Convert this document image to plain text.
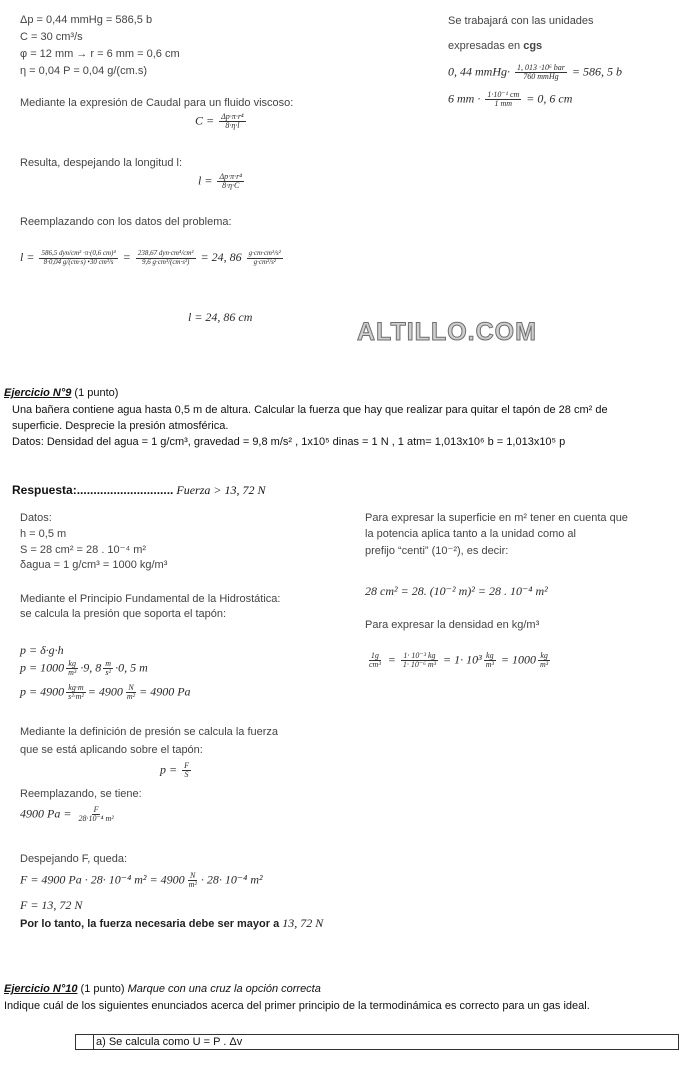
Δp = 0,44 mmHg = 586,5 b
C = 30 cm³/s
φ = 12 mm → r = 6 mm = 0,6 cm
η = 0,04 P = 0,04 g/(cm.s)
Se trabajará con las unidades
expresadas en cgs
0, 44 mmHg· $\frac{\text{1, 013 ·10⁶ bar}}{\text{760 mmHg}} = 586$, 5 b
6 mm · $\frac{\text{1·10⁻¹ cm}}{1 mm} = 0$, 6 cm
Mediante la expresión de Caudal para un fluido viscoso:
$C = \frac{\text{Δp·π·r⁴}}{8\cdot\eta\cdot l}$
Resulta, despejando la longitud l:
$l = \frac{\text{Δp·π·r⁴}}{8\cdot\eta\cdot C}$
Reemplazando con los datos del problema:
$l = \frac{\text{586,5 dyn/cm² ·π·(0,6 cm)⁴}}{\text{8·0,04 g/(cm·s) •30 cm³/s}} = \frac{\text{238,67 dyn·cm⁴/cm²}}{\text{9,6 g·cm³/(cm·s²)}} = 24$, $86 \frac{\text{g·cm·cm²/s²}}{\text{g·cm²/s²}}$
l = 24, 86 cm
ALTILLO.COM
Ejercicio N°9 (1 punto)
Una bañera contiene agua hasta 0,5 m de altura. Calcular la fuerza que hay que realizar para quitar el tapón de 28 cm² de
superficie. Desprecie la presión atmosférica.
Datos: Densidad del agua = 1 g/cm³, gravedad = 9,8 m/s² , 1x10⁵ dinas = 1 N , 1 atm= 1,013x10⁶ b = 1,013x10⁵ p
Respuesta:............................. Fuerza > 13, 72 N
Datos:
h = 0,5 m
S = 28 cm² = 28 . 10⁻⁴ m²
δagua = 1 g/cm³ = 1000 kg/m³
Mediante el Principio Fundamental de la Hidrostática:
se calcula la presión que soporta el tapón:
p = δ·g·h
$p = 1000 \frac{kg}{\text{m³}} \cdot 9$, $8 \frac{m}{\text{s²}} \cdot 0$, 5 m
$p = 4900 \frac{kg\cdot m}{\text{s²·m²}} = 4900 \frac{N}{\text{m²}} = 4900$ Pa
Mediante la definición de presión se calcula la fuerza
que se está aplicando sobre el tapón:
$p = \frac{F}{S}$
Reemplazando, se tiene:
4900 $Pa = \frac{F}{\text{28·10⁻⁴ m²}}$
Despejando F, queda:
F = 4900 Pa · 28· 10⁻⁴ $m^2 = 4900 \frac{N}{\text{m²}} \cdot 28\cdot 10^{-4}$ m²
F = 13, 72 N
Por lo tanto, la fuerza necesaria debe ser mayor a 13, 72 N
Para expresar la superficie en m² tener en cuenta que
la potencia aplica tanto a la unidad como al
prefijo “centi” (10⁻²), es decir:
28 cm² = 28. (10⁻² m)² = 28 . 10⁻⁴ m²
Para expresar la densidad en kg/m³
$\frac{1g}{\text{cm³}} = \frac{\text{1· 10⁻³ kg}}{\text{1· 10⁻⁶ m³}} = 1\cdot 10^3 \frac{kg}{\text{m³}} = 1000 \frac{kg}{\text{m³}}$
Ejercicio N°10 (1 punto) Marque con una cruz la opción correcta
Indique cuál de los siguientes enunciados acerca del primer principio de la termodinámica es correcto para un gas ideal.
a) Se calcula como U = P . Δv
